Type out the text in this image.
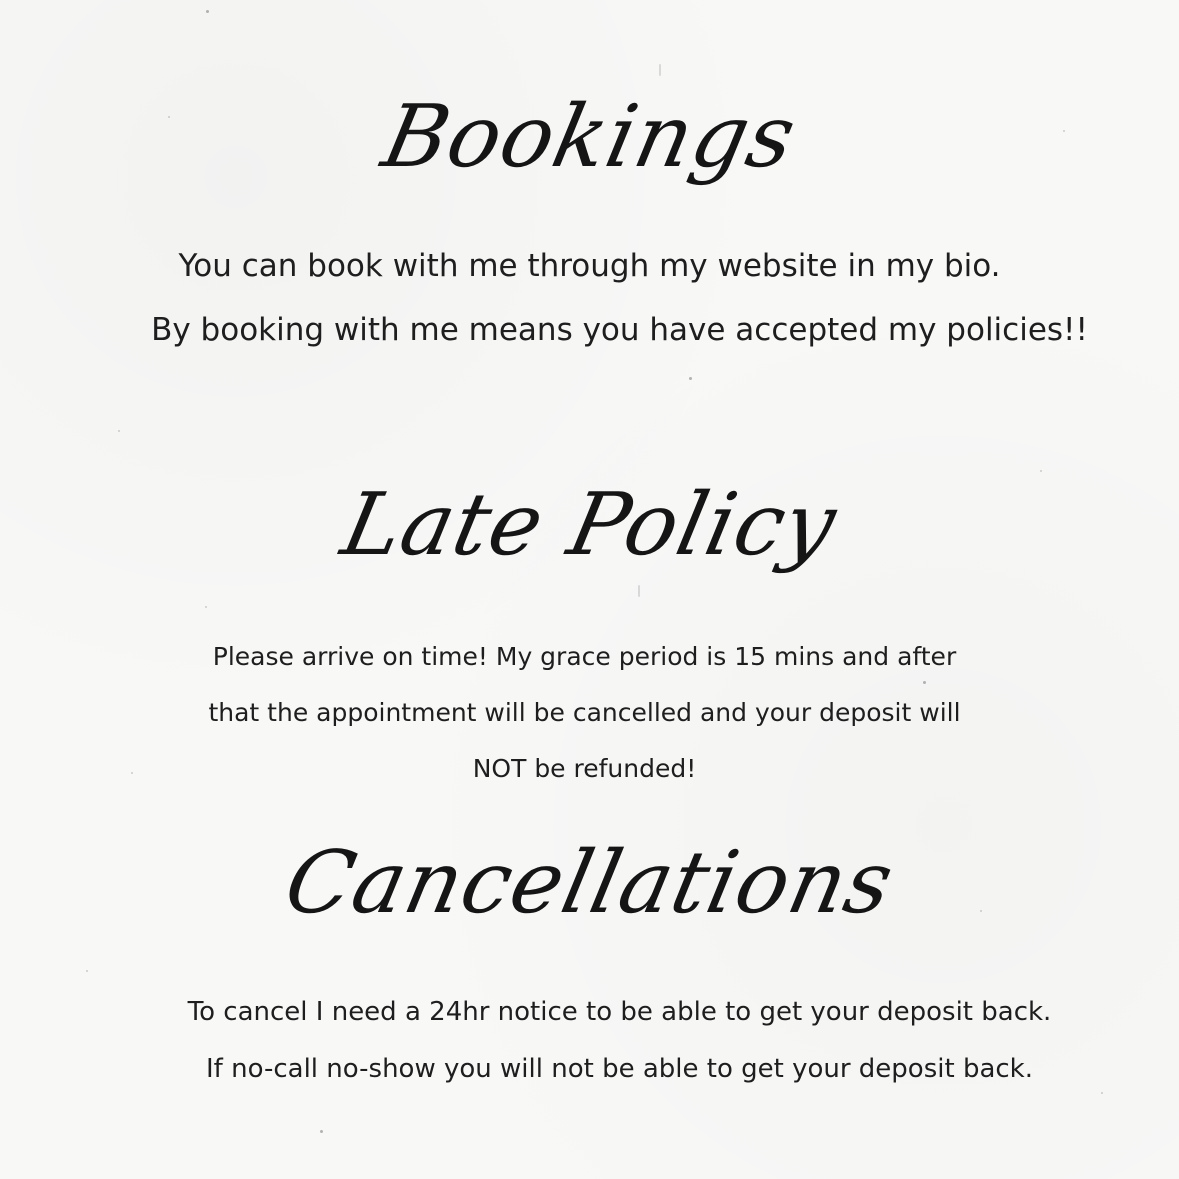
Bookings
You can book with me through my website in my bio.
By booking with me means you have accepted my policies!!
Late Policy
Please arrive on time! My grace period is 15 mins and after
that the appointment will be cancelled and your deposit will
NOT be refunded!
Cancellations
To cancel I need a 24hr notice to be able to get your deposit back.
If no-call no-show you will not be able to get your deposit back.
